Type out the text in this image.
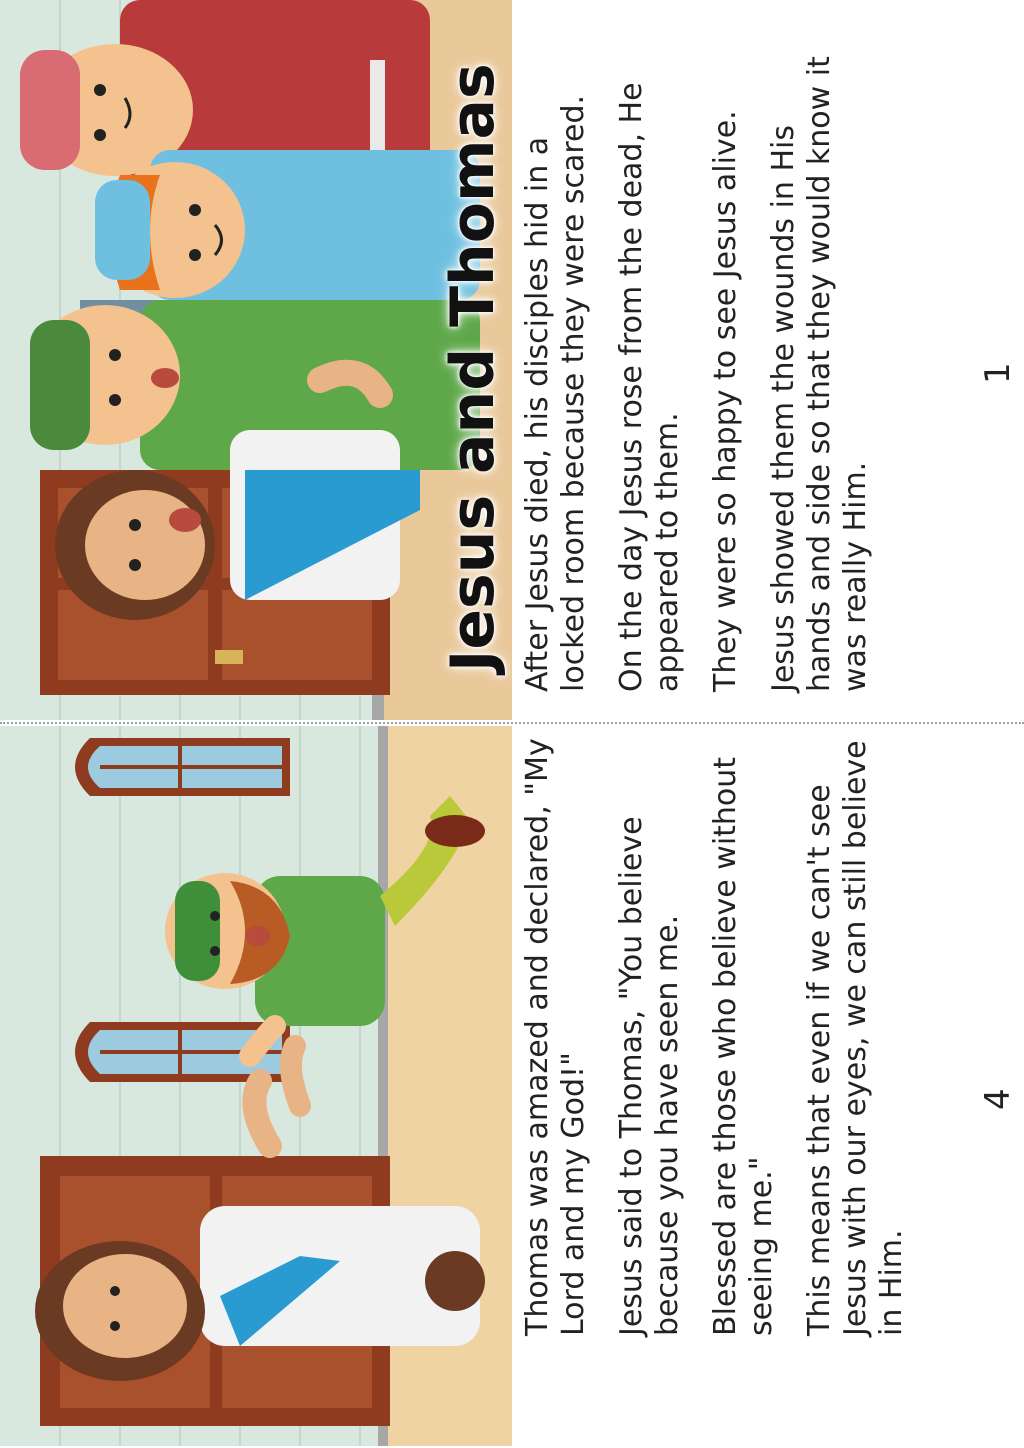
Jesus and Thomas After Jesus died, his disciples hid in a locked room because they were scared. On the day Jesus rose from the dead, He appeared to them. They were so happy to see Jesus alive. Jesus showed them the wounds in His hands and side so that they would know it was really Him.

1

Thomas was amazed and declared, "My Lord and my God!" Jesus said to Thomas, "You believe because you have seen me. Blessed are those who believe without seeing me." This means that even if we can't see Jesus with our eyes, we can still believe in Him.

4
